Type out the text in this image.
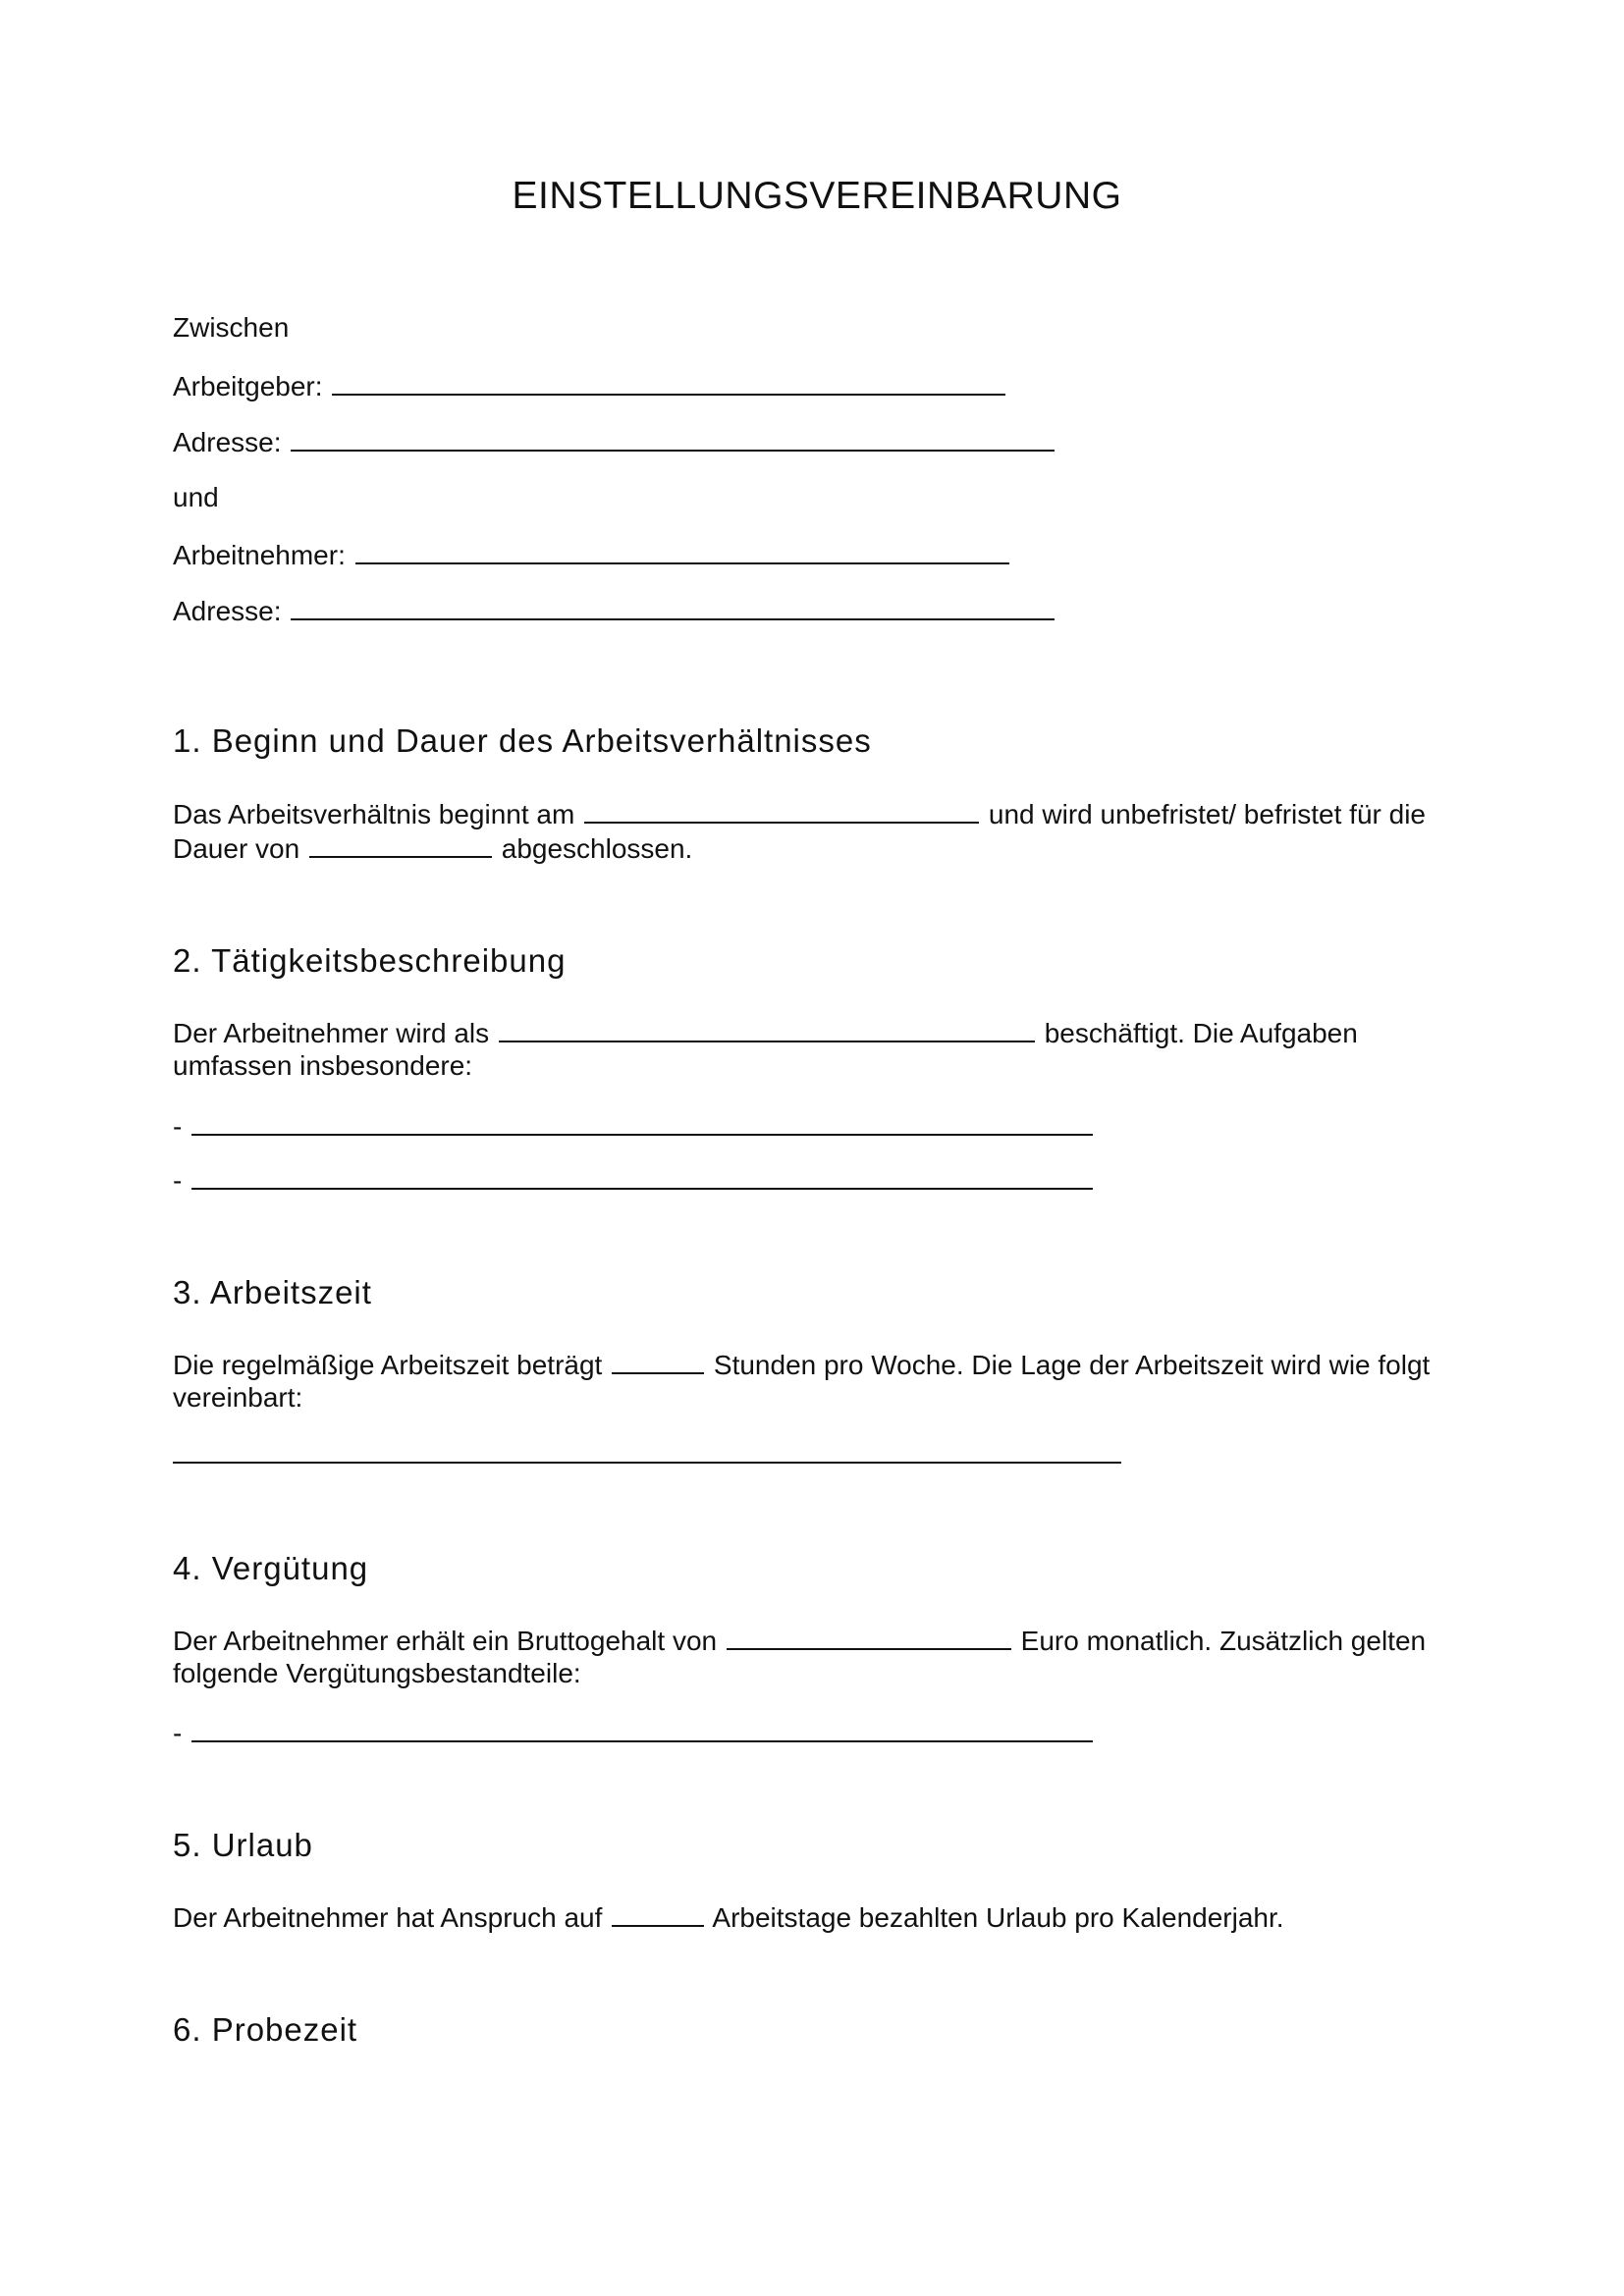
EINSTELLUNGSVEREINBARUNG
Zwischen
Arbeitgeber:
Adresse:
und
Arbeitnehmer:
Adresse:
1. Beginn und Dauer des Arbeitsverhältnisses
Das Arbeitsverhältnis beginnt am	und wird unbefristet/ befristet für die
Dauer von	abgeschlossen.
2. Tätigkeitsbeschreibung
Der Arbeitnehmer wird als	beschäftigt. Die Aufgaben
umfassen insbesondere:
-
-
3. Arbeitszeit
Die regelmäßige Arbeitszeit beträgt	Stunden pro Woche. Die Lage der Arbeitszeit wird wie folgt
vereinbart:
4. Vergütung
Der Arbeitnehmer erhält ein Bruttogehalt von	Euro monatlich. Zusätzlich gelten
folgende Vergütungsbestandteile:
-
5. Urlaub
Der Arbeitnehmer hat Anspruch auf	Arbeitstage bezahlten Urlaub pro Kalenderjahr.
6. Probezeit
